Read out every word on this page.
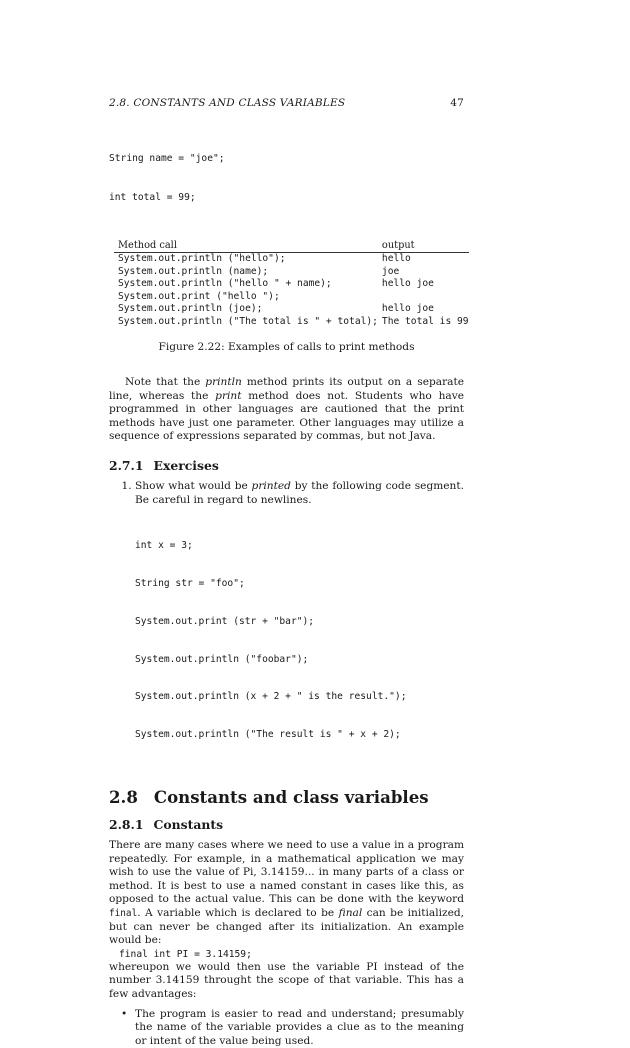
2.8. CONSTANTS AND CLASS VARIABLES	47

String name = "joe";

int total = 99;

Method call	output
System.out.println ("hello");	hello
System.out.println (name);	joe
System.out.println ("hello " + name);	hello joe
System.out.print ("hello ");	
System.out.println (joe);	hello joe
System.out.println ("The total is " + total);	The total is 99
Figure 2.22: Examples of calls to print methods

Note that the println method prints its output on a separate line, whereas the print method does not. Students who have programmed in other languages are cautioned that the print methods have just one parameter. Other languages may utilize a sequence of expressions separated by commas, but not Java.

2.7.1 Exercises
1. Show what would be printed by the following code segment. Be careful in regard to newlines.

int x = 3;

String str = "foo";

System.out.print (str + "bar");

System.out.println ("foobar");

System.out.println (x + 2 + " is the result.");

System.out.println ("The result is " + x + 2);

2.8 Constants and class variables
2.8.1 Constants

There are many cases where we need to use a value in a program repeatedly. For example, in a mathematical application we may wish to use the value of Pi, 3.14159... in many parts of a class or method. It is best to use a named constant in cases like this, as opposed to the actual value. This can be done with the keyword final. A variable which is declared to be final can be initialized, but can never be changed after its initialization. An example would be:

final int PI = 3.14159;

whereupon we would then use the variable PI instead of the number 3.14159 throught the scope of that variable. This has a few advantages:

• The program is easier to read and understand; presumably the name of the variable provides a clue as to the meaning or intent of the value being used.
